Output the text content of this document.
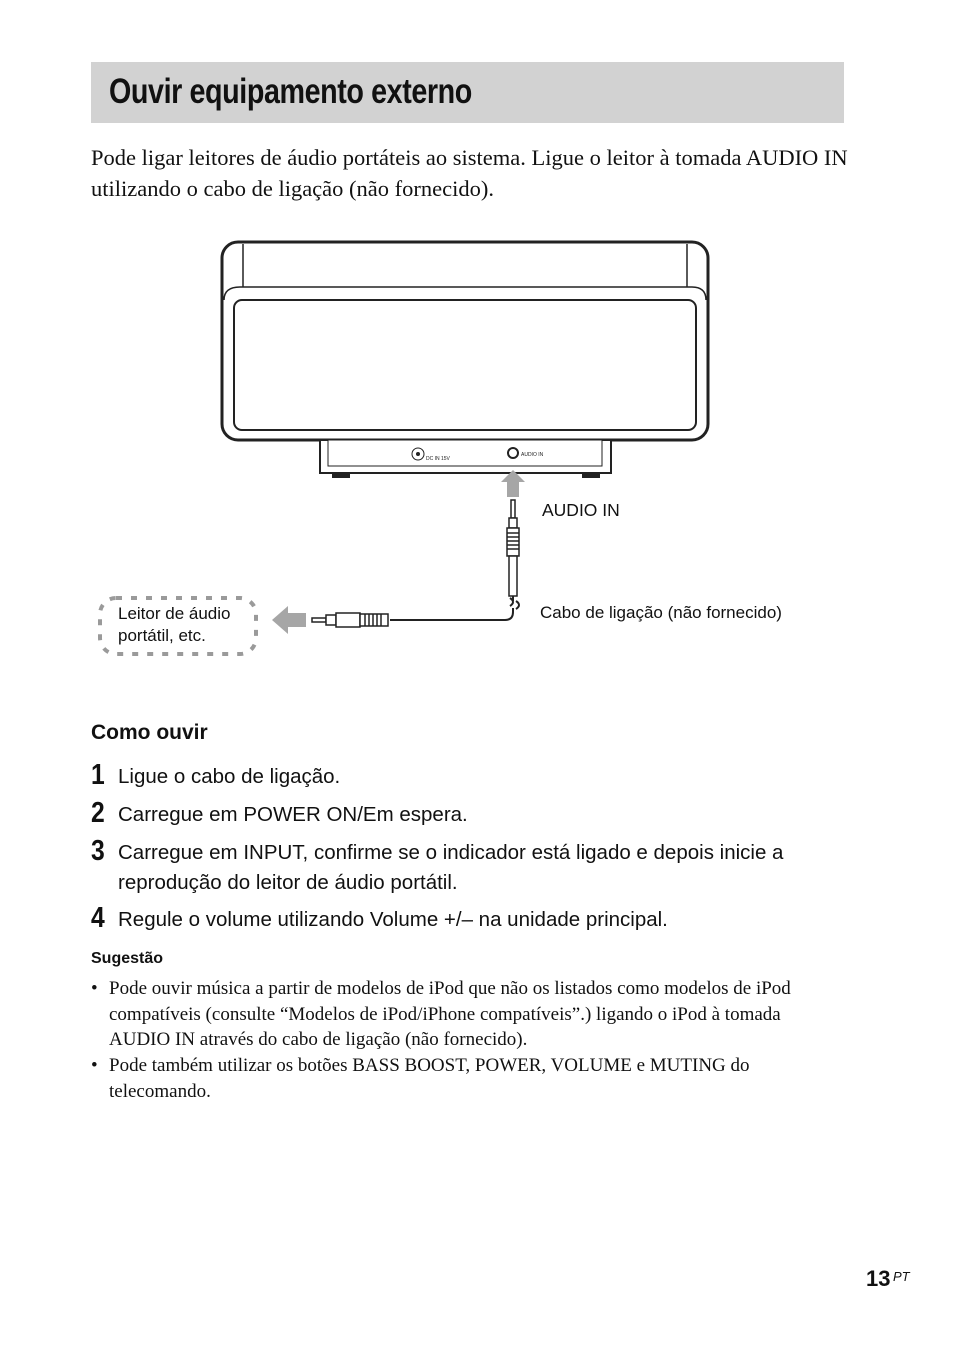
Ouvir equipamento externo
Pode ligar leitores de áudio portáteis ao sistema. Ligue o leitor à tomada AUDIO IN utilizando o cabo de ligação (não fornecido).
DC IN 15V
AUDIO IN
AUDIO IN
Leitor de áudio
portátil, etc.
Cabo de ligação (não fornecido)
Como ouvir
1 Ligue o cabo de ligação.
2 Carregue em POWER ON/Em espera.
3 Carregue em INPUT, confirme se o indicador está ligado e depois inicie a reprodução do leitor de áudio portátil.
4 Regule o volume utilizando Volume +/– na unidade principal.
Sugestão
• Pode ouvir música a partir de modelos de iPod que não os listados como modelos de iPod compatíveis (consulte “Modelos de iPod/iPhone compatíveis”.) ligando o iPod à tomada AUDIO IN através do cabo de ligação (não fornecido).
• Pode também utilizar os botões BASS BOOST, POWER, VOLUME e MUTING do telecomando.
13 PT
